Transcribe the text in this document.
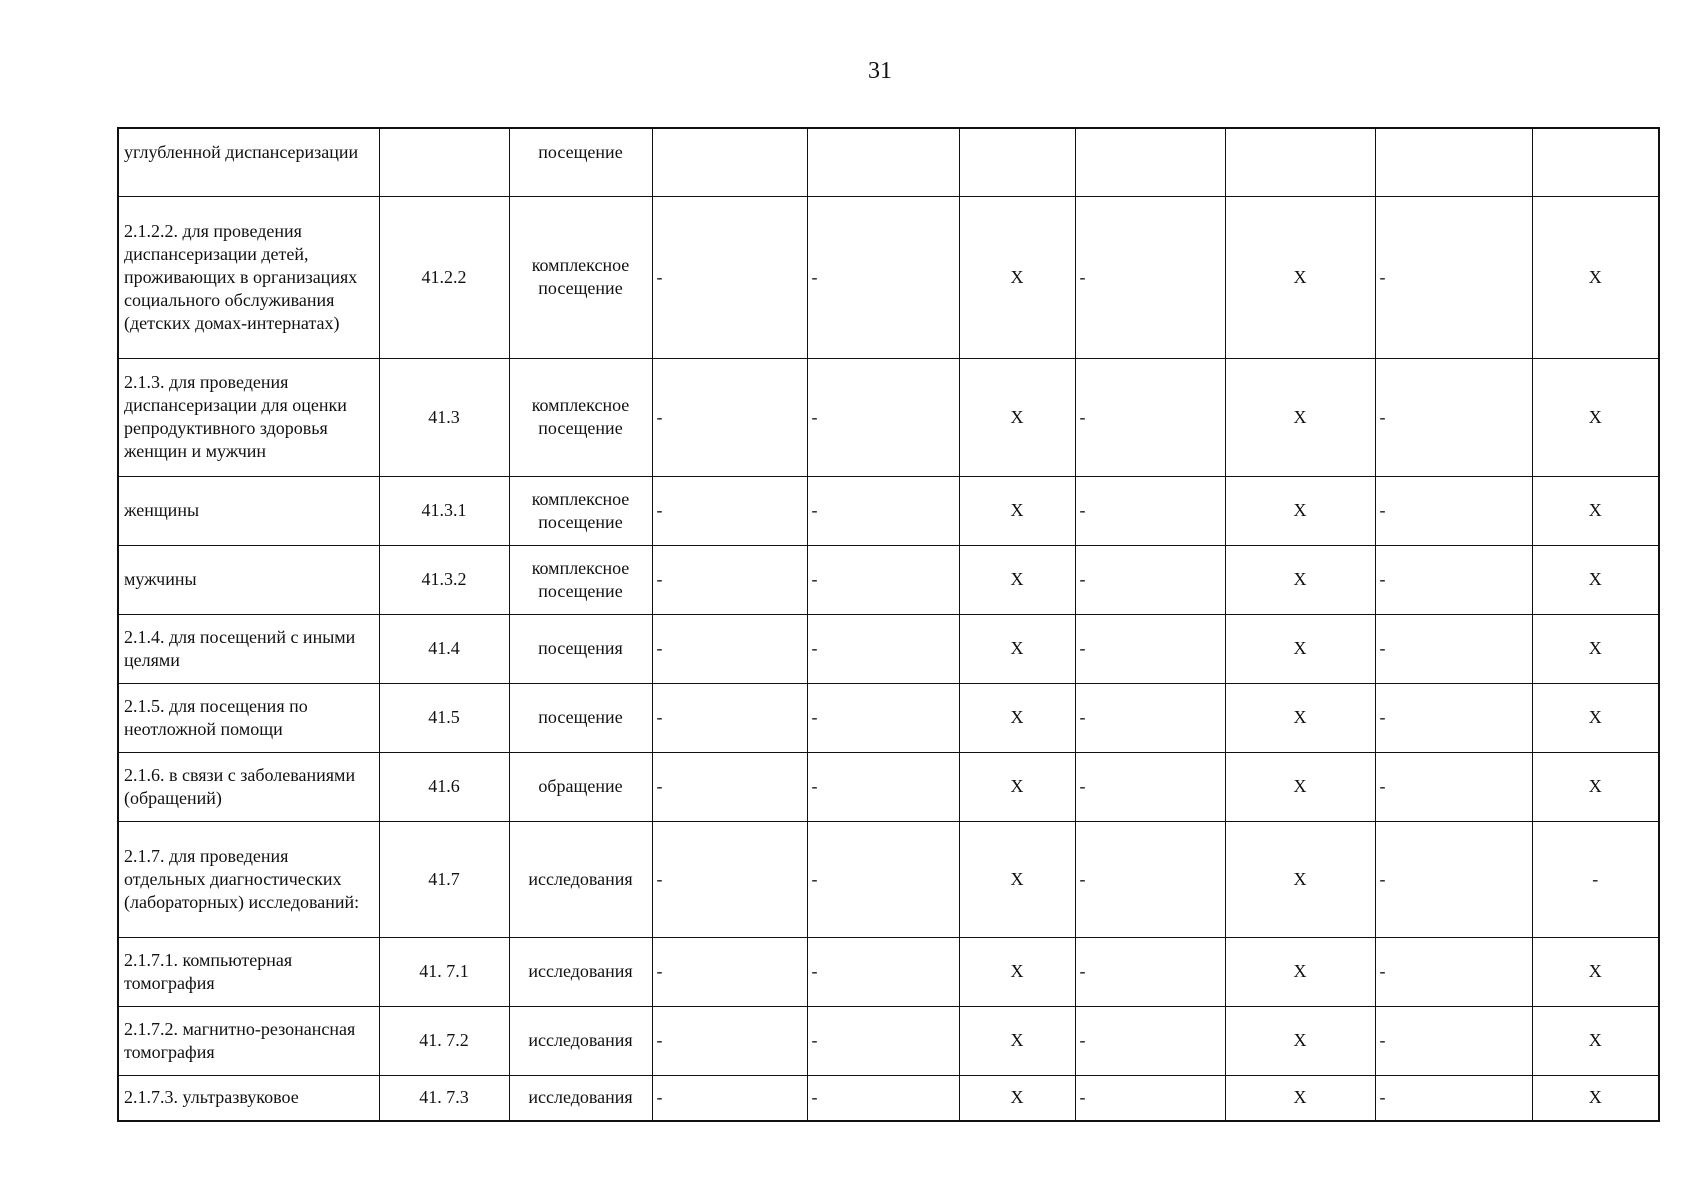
31
углубленной диспансеризации		посещение							
2.1.2.2. для проведения диспансеризации детей, проживающих в организациях социального обслуживания (детских домах-интернатах)	41.2.2	комплексное посещение	-	-	Х	-	Х	-	Х
2.1.3. для проведения диспансеризации для оценки репродуктивного здоровья женщин и мужчин	41.3	комплексное посещение	-	-	Х	-	Х	-	Х
женщины	41.3.1	комплексное посещение	-	-	Х	-	Х	-	Х
мужчины	41.3.2	комплексное посещение	-	-	Х	-	Х	-	Х
2.1.4. для посещений с иными целями	41.4	посещения	-	-	Х	-	Х	-	Х
2.1.5. для посещения по неотложной помощи	41.5	посещение	-	-	Х	-	Х	-	Х
2.1.6. в связи с заболеваниями (обращений)	41.6	обращение	-	-	Х	-	Х	-	Х
2.1.7. для проведения отдельных диагностических (лабораторных) исследований:	41.7	исследования	-	-	Х	-	Х	-	-
2.1.7.1. компьютерная томография	41. 7.1	исследования	-	-	Х	-	Х	-	Х
2.1.7.2. магнитно-резонансная томография	41. 7.2	исследования	-	-	Х	-	Х	-	Х
2.1.7.3. ультразвуковое	41. 7.3	исследования	-	-	Х	-	Х	-	Х
